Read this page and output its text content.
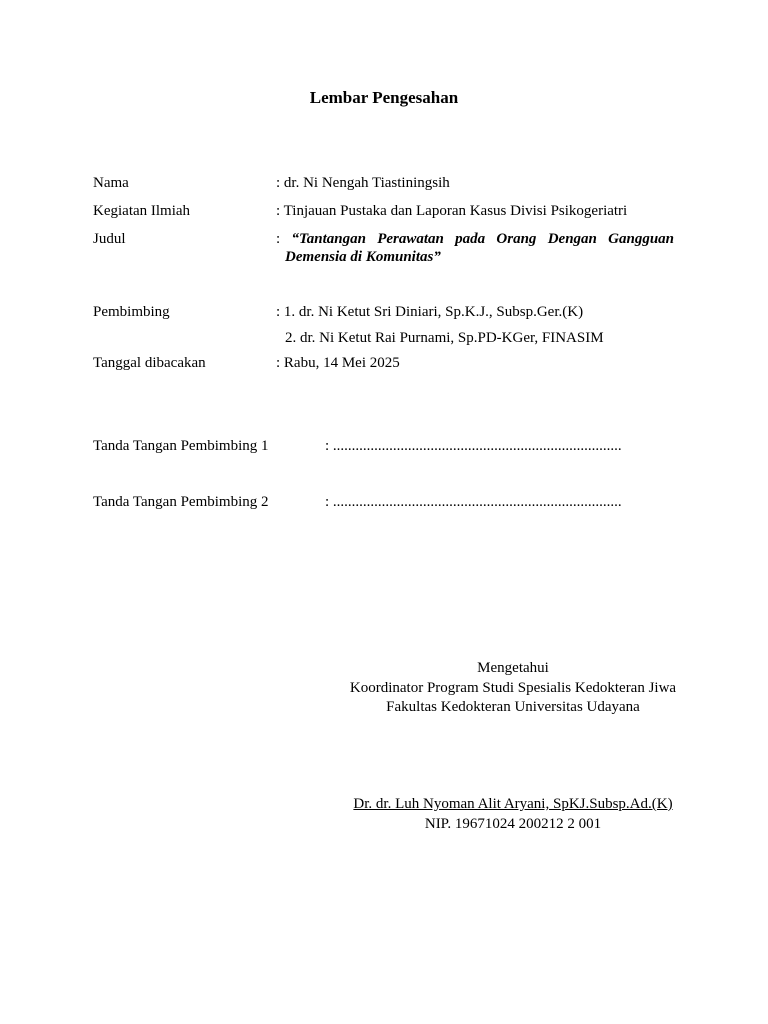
Lembar Pengesahan
Nama	: dr. Ni Nengah Tiastiningsih
Kegiatan Ilmiah	: Tinjauan Pustaka dan Laporan Kasus Divisi Psikogeriatri
Judul	: “Tantangan Perawatan pada Orang Dengan Gangguan
Demensia di Komunitas”
Pembimbing	: 1. dr. Ni Ketut Sri Diniari, Sp.K.J., Subsp.Ger.(K)
2. dr. Ni Ketut Rai Purnami, Sp.PD-KGer, FINASIM
Tanggal dibacakan	: Rabu, 14 Mei 2025
Tanda Tangan Pembimbing 1	: .............................................................................
Tanda Tangan Pembimbing 2	: .............................................................................
Mengetahui
Koordinator Program Studi Spesialis Kedokteran Jiwa
Fakultas Kedokteran Universitas Udayana
Dr. dr. Luh Nyoman Alit Aryani, SpKJ.Subsp.Ad.(K)
NIP. 19671024 200212 2 001
